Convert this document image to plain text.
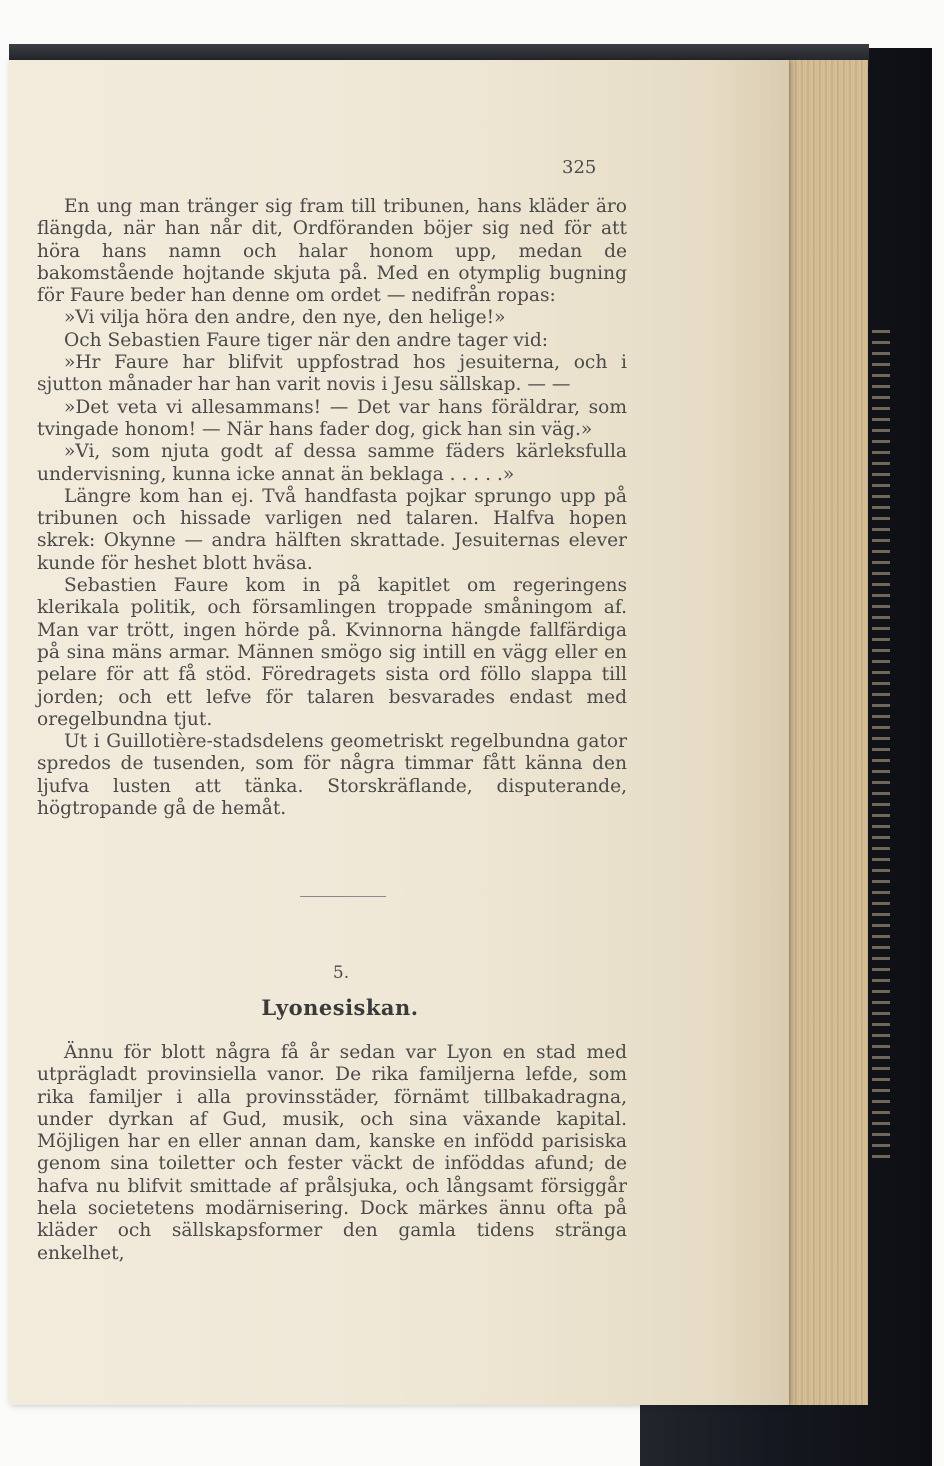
325

En ung man tränger sig fram till tribunen, hans kläder äro flängda, när han når dit, Ordföranden böjer sig ned för att höra hans namn och halar honom upp, medan de bakomstående hojtande skjuta på. Med en otymplig bugning för Faure beder han denne om ordet — nedifrån ropas:

»Vi vilja höra den andre, den nye, den helige!»

Och Sebastien Faure tiger när den andre tager vid:

»Hr Faure har blifvit uppfostrad hos jesuiterna, och i sjutton månader har han varit novis i Jesu sällskap. — —

»Det veta vi allesammans! — Det var hans föräldrar, som tvingade honom! — När hans fader dog, gick han sin väg.»

»Vi, som njuta godt af dessa samme fäders kärleksfulla undervisning, kunna icke annat än beklaga . . . . .»

Längre kom han ej. Två handfasta pojkar sprungo upp på tribunen och hissade varligen ned talaren. Halfva hopen skrek: Okynne — andra hälften skrattade. Jesuiternas elever kunde för heshet blott hväsa.

Sebastien Faure kom in på kapitlet om regeringens klerikala politik, och församlingen troppade småningom af. Man var trött, ingen hörde på. Kvinnorna hängde fallfärdiga på sina mäns armar. Männen smögo sig intill en vägg eller en pelare för att få stöd. Föredragets sista ord föllo slappa till jorden; och ett lefve för talaren besvarades endast med oregelbundna tjut.

Ut i Guillotière-stadsdelens geometriskt regelbundna gator spredos de tusenden, som för några timmar fått känna den ljufva lusten att tänka. Storskräflande, disputerande, högtropande gå de hemåt.

5.
Lyonesiskan.

Ännu för blott några få år sedan var Lyon en stad med utprägladt provinsiella vanor. De rika familjerna lefde, som rika familjer i alla provinsstäder, förnämt tillbakadragna, under dyrkan af Gud, musik, och sina växande kapital. Möjligen har en eller annan dam, kanske en infödd parisiska genom sina toiletter och fester väckt de inföddas afund; de hafva nu blifvit smittade af prålsjuka, och långsamt försiggår hela societetens modärnisering. Dock märkes ännu ofta på kläder och sällskapsformer den gamla tidens stränga enkelhet,
